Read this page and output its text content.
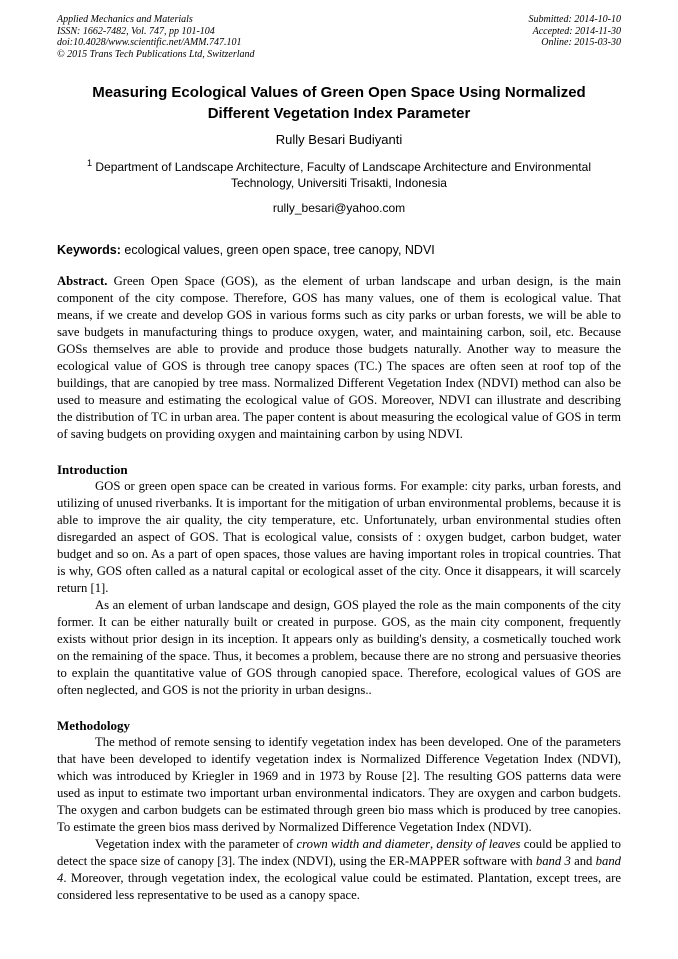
Applied Mechanics and Materials
ISSN: 1662-7482, Vol. 747, pp 101-104
doi:10.4028/www.scientific.net/AMM.747.101
© 2015 Trans Tech Publications Ltd, Switzerland
Submitted: 2014-10-10
Accepted: 2014-11-30
Online: 2015-03-30
Measuring Ecological Values of Green Open Space Using Normalized Different Vegetation Index Parameter
Rully Besari Budiyanti
$^1$ Department of Landscape Architecture, Faculty of Landscape Architecture and Environmental Technology, Universiti Trisakti, Indonesia
rully_besari@yahoo.com

Keywords: ecological values, green open space, tree canopy, NDVI

Abstract. Green Open Space (GOS), as the element of urban landscape and urban design, is the main component of the city compose. Therefore, GOS has many values, one of them is ecological value. That means, if we create and develop GOS in various forms such as city parks or urban forests, we will be able to save budgets in manufacturing things to produce oxygen, water, and maintaining carbon, soil, etc. Because GOSs themselves are able to provide and produce those budgets naturally. Another way to measure the ecological value of GOS is through tree canopy spaces (TC.) The spaces are often seen at roof top of the buildings, that are canopied by tree mass. Normalized Different Vegetation Index (NDVI) method can also be used to measure and estimating the ecological value of GOS. Moreover, NDVI can illustrate and describing the distribution of TC in urban area. The paper content is about measuring the ecological value of GOS in term of saving budgets on providing oxygen and maintaining carbon by using NDVI.

Introduction

GOS or green open space can be created in various forms. For example: city parks, urban forests, and utilizing of unused riverbanks. It is important for the mitigation of urban environmental problems, because it is able to improve the air quality, the city temperature, etc. Unfortunately, urban environmental studies often disregarded an aspect of GOS. That is ecological value, consists of : oxygen budget, carbon budget, water budget and so on. As a part of open spaces, those values are having important roles in tropical countries. That is why, GOS often called as a natural capital or ecological asset of the city. Once it disappears, it will scarcely return [1].

As an element of urban landscape and design, GOS played the role as the main components of the city former. It can be either naturally built or created in purpose. GOS, as the main city component, frequently exists without prior design in its inception. It appears only as building's density, a cosmetically touched work on the remaining of the space. Thus, it becomes a problem, because there are no strong and persuasive theories to explain the quantitative value of GOS through canopied space. Therefore, ecological values of GOS are often neglected, and GOS is not the priority in urban designs..

Methodology

The method of remote sensing to identify vegetation index has been developed. One of the parameters that have been developed to identify vegetation index is Normalized Difference Vegetation Index (NDVI), which was introduced by Kriegler in 1969 and in 1973 by Rouse [2]. The resulting GOS patterns data were used as input to estimate two important urban environmental indicators. They are oxygen and carbon budgets. The oxygen and carbon budgets can be estimated through green bio mass which is produced by tree canopies. To estimate the green bios mass derived by Normalized Difference Vegetation Index (NDVI).

Vegetation index with the parameter of crown width and diameter, density of leaves could be applied to detect the space size of canopy [3]. The index (NDVI), using the ER-MAPPER software with band 3 and band 4. Moreover, through vegetation index, the ecological value could be estimated. Plantation, except trees, are considered less representative to be used as a canopy space.
